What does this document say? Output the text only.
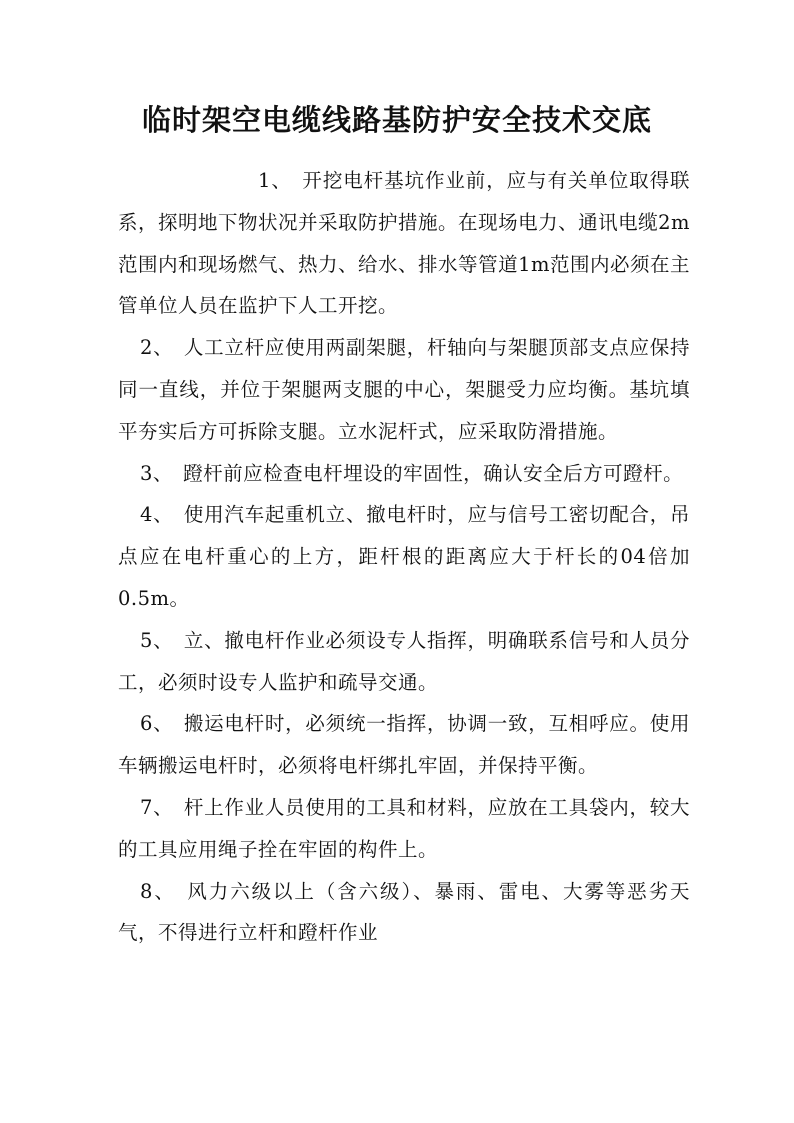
临时架空电缆线路基防护安全技术交底

1、　开挖电杆基坑作业前，应与有关单位取得联系，探明地下物状况并采取防护措施。在现场电力、通讯电缆2m范围内和现场燃气、热力、给水、排水等管道1m范围内必须在主管单位人员在监护下人工开挖。

2、　人工立杆应使用两副架腿，杆轴向与架腿顶部支点应保持同一直线，并位于架腿两支腿的中心，架腿受力应均衡。基坑填平夯实后方可拆除支腿。立水泥杆式，应采取防滑措施。

3、　蹬杆前应检查电杆埋设的牢固性，确认安全后方可蹬杆。

4、　使用汽车起重机立、撤电杆时，应与信号工密切配合，吊点应在电杆重心的上方，距杆根的距离应大于杆长的04倍加0.5m。

5、　立、撤电杆作业必须设专人指挥，明确联系信号和人员分工，必须时设专人监护和疏导交通。

6、　搬运电杆时，必须统一指挥，协调一致，互相呼应。使用车辆搬运电杆时，必须将电杆绑扎牢固，并保持平衡。

7、　杆上作业人员使用的工具和材料，应放在工具袋内，较大的工具应用绳子拴在牢固的构件上。

8、　风力六级以上（含六级）、暴雨、雷电、大雾等恶劣天气，不得进行立杆和蹬杆作业
